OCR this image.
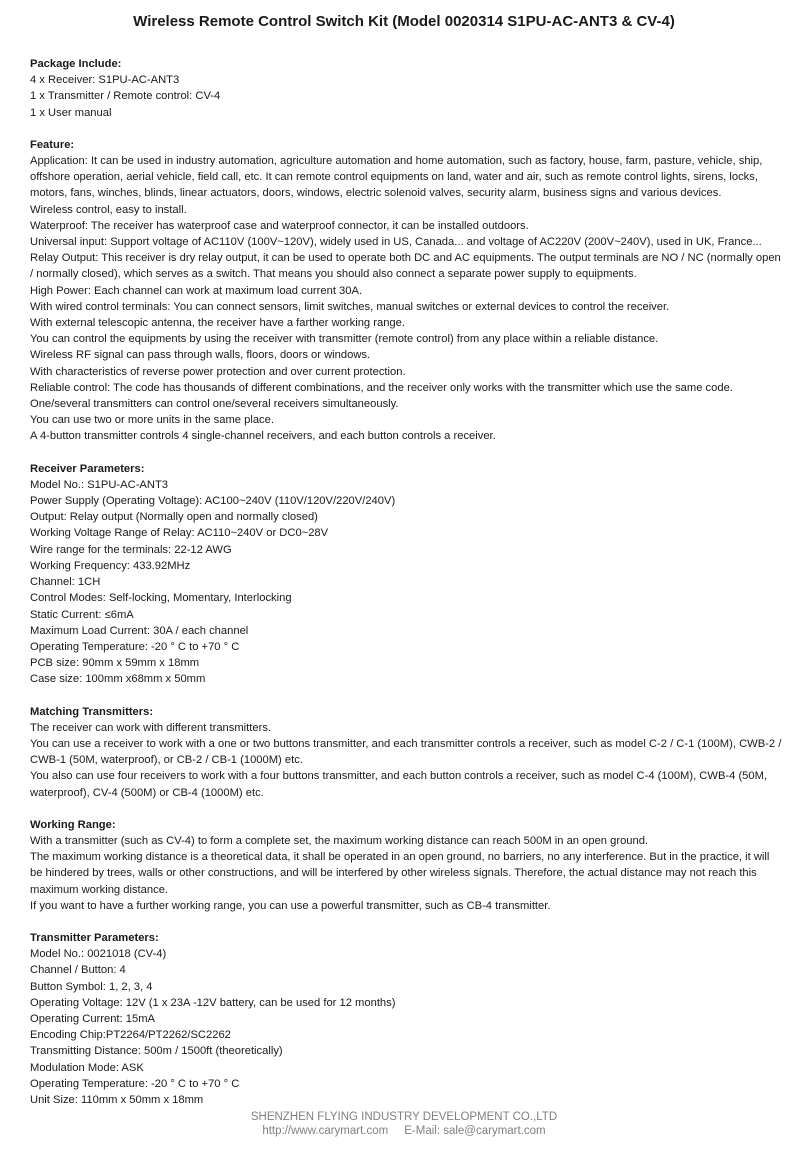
Wireless Remote Control Switch Kit (Model 0020314 S1PU-AC-ANT3 & CV-4)
Package Include:
4 x Receiver: S1PU-AC-ANT3
1 x Transmitter / Remote control: CV-4
1 x User manual
Feature:
Application: It can be used in industry automation, agriculture automation and home automation, such as factory, house, farm, pasture, vehicle, ship, offshore operation, aerial vehicle, field call, etc. It can remote control equipments on land, water and air, such as remote control lights, sirens, locks, motors, fans, winches, blinds, linear actuators, doors, windows, electric solenoid valves, security alarm, business signs and various devices.
Wireless control, easy to install.
Waterproof: The receiver has waterproof case and waterproof connector, it can be installed outdoors.
Universal input: Support voltage of AC110V (100V~120V), widely used in US, Canada... and voltage of AC220V (200V~240V), used in UK, France...
Relay Output: This receiver is dry relay output, it can be used to operate both DC and AC equipments. The output terminals are NO / NC (normally open / normally closed), which serves as a switch. That means you should also connect a separate power supply to equipments.
High Power: Each channel can work at maximum load current 30A.
With wired control terminals: You can connect sensors, limit switches, manual switches or external devices to control the receiver.
With external telescopic antenna, the receiver have a farther working range.
You can control the equipments by using the receiver with transmitter (remote control) from any place within a reliable distance.
Wireless RF signal can pass through walls, floors, doors or windows.
With characteristics of reverse power protection and over current protection.
Reliable control: The code has thousands of different combinations, and the receiver only works with the transmitter which use the same code.
One/several transmitters can control one/several receivers simultaneously.
You can use two or more units in the same place.
A 4-button transmitter controls 4 single-channel receivers, and each button controls a receiver.
Receiver Parameters:
Model No.: S1PU-AC-ANT3
Power Supply (Operating Voltage): AC100~240V (110V/120V/220V/240V)
Output: Relay output (Normally open and normally closed)
Working Voltage Range of Relay: AC110~240V or DC0~28V
Wire range for the terminals: 22-12 AWG
Working Frequency: 433.92MHz
Channel: 1CH
Control Modes: Self-locking, Momentary, Interlocking
Static Current: ≤6mA
Maximum Load Current: 30A / each channel
Operating Temperature: -20 ° C to +70 ° C
PCB size: 90mm x 59mm x 18mm
Case size: 100mm x68mm x 50mm
Matching Transmitters:
The receiver can work with different transmitters.
You can use a receiver to work with a one or two buttons transmitter, and each transmitter controls a receiver, such as model C-2 / C-1 (100M), CWB-2 / CWB-1 (50M, waterproof), or CB-2 / CB-1 (1000M) etc.
You also can use four receivers to work with a four buttons transmitter, and each button controls a receiver, such as model C-4 (100M), CWB-4 (50M, waterproof), CV-4 (500M) or CB-4 (1000M) etc.
Working Range:
With a transmitter (such as CV-4) to form a complete set, the maximum working distance can reach 500M in an open ground.
The maximum working distance is a theoretical data, it shall be operated in an open ground, no barriers, no any interference. But in the practice, it will be hindered by trees, walls or other constructions, and will be interfered by other wireless signals. Therefore, the actual distance may not reach this maximum working distance.
If you want to have a further working range, you can use a powerful transmitter, such as CB-4 transmitter.
Transmitter Parameters:
Model No.: 0021018 (CV-4)
Channel / Button: 4
Button Symbol: 1, 2, 3, 4
Operating Voltage: 12V (1 x 23A -12V battery, can be used for 12 months)
Operating Current: 15mA
Encoding Chip:PT2264/PT2262/SC2262
Transmitting Distance: 500m / 1500ft (theoretically)
Modulation Mode: ASK
Operating Temperature: -20 ° C to +70 ° C
Unit Size: 110mm x 50mm x 18mm
SHENZHEN FLYING INDUSTRY DEVELOPMENT CO.,LTD
http://www.carymart.com E-Mail: sale@carymart.com
